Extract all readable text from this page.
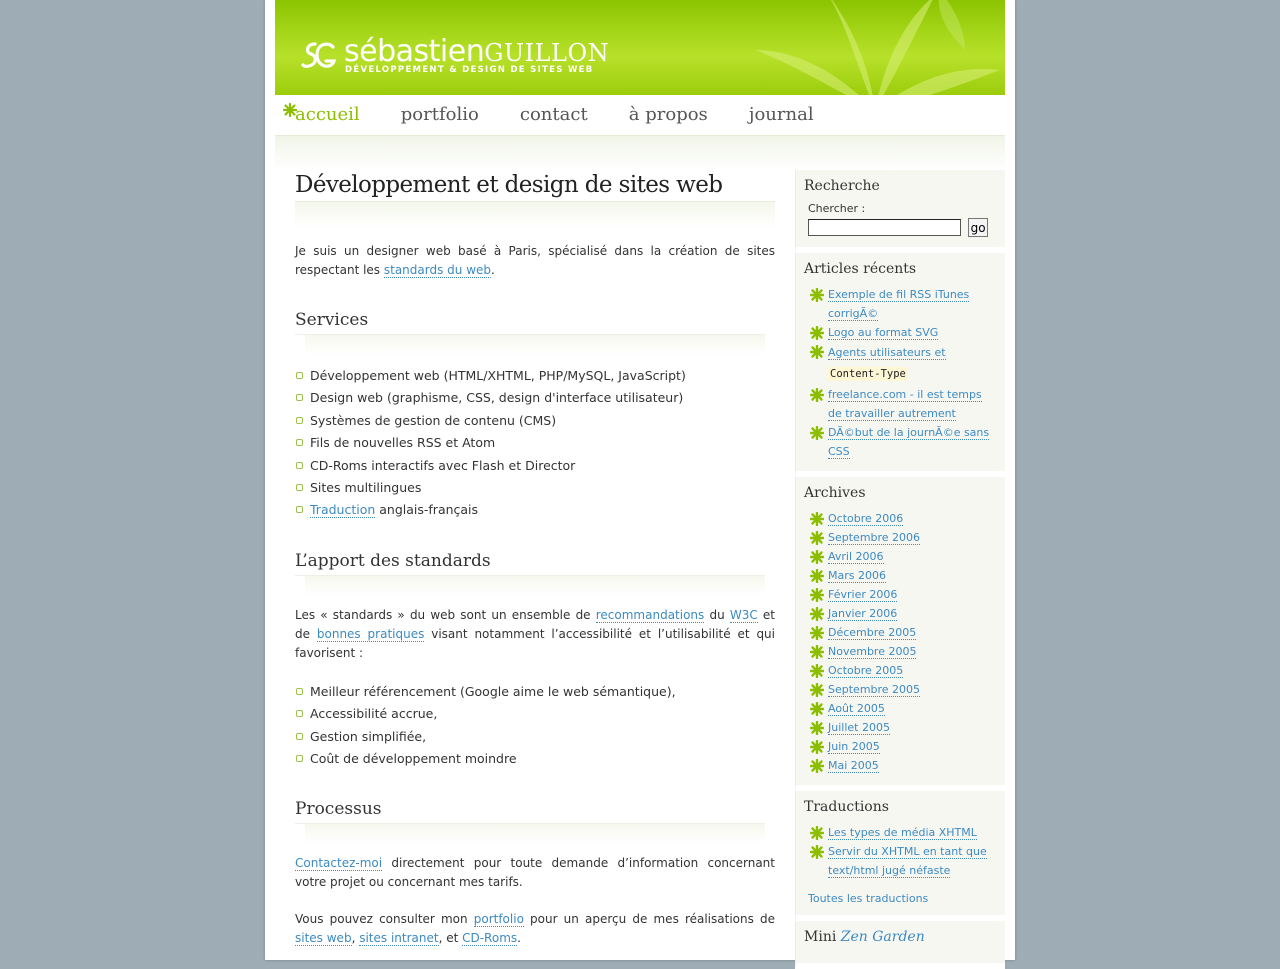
sébastienGUILLON
DÉVELOPPEMENT & DESIGN DE SITES WEB
accueil portfolio contact à propos journal
Développement et design de sites web

Je suis un designer web basé à Paris, spécialisé dans la création de sites respectant les standards du web.

Services
Développement web (HTML/XHTML, PHP/MySQL, JavaScript)
Design web (graphisme, CSS, design d'interface utilisateur)
Systèmes de gestion de contenu (CMS)
Fils de nouvelles RSS et Atom
CD-Roms interactifs avec Flash et Director
Sites multilingues
Traduction anglais-français
L’apport des standards

Les « standards » du web sont un ensemble de recommandations du W3C et de bonnes pratiques visant notamment l’accessibilité et l’utilisabilité et qui favorisent :

Meilleur référencement (Google aime le web sémantique),
Accessibilité accrue,
Gestion simplifiée,
Coût de développement moindre
Processus

Contactez-moi directement pour toute demande d’information concernant votre projet ou concernant mes tarifs.

Vous pouvez consulter mon portfolio pour un aperçu de mes réalisations de sites web, sites intranet, et CD-Roms.

Recherche
Chercher :
go
Articles récents
Exemple de fil RSS iTunes corrigÃ©
Logo au format SVG
Agents utilisateurs et Content-Type
freelance.com - il est temps de travailler autrement
DÃ©but de la journÃ©e sans CSS
Archives
Octobre 2006
Septembre 2006
Avril 2006
Mars 2006
Février 2006
Janvier 2006
Décembre 2005
Novembre 2005
Octobre 2005
Septembre 2005
Août 2005
Juillet 2005
Juin 2005
Mai 2005
Traductions
Les types de média XHTML
Servir du XHTML en tant que text/html jugé néfaste
Toutes les traductions
Mini Zen Garden
